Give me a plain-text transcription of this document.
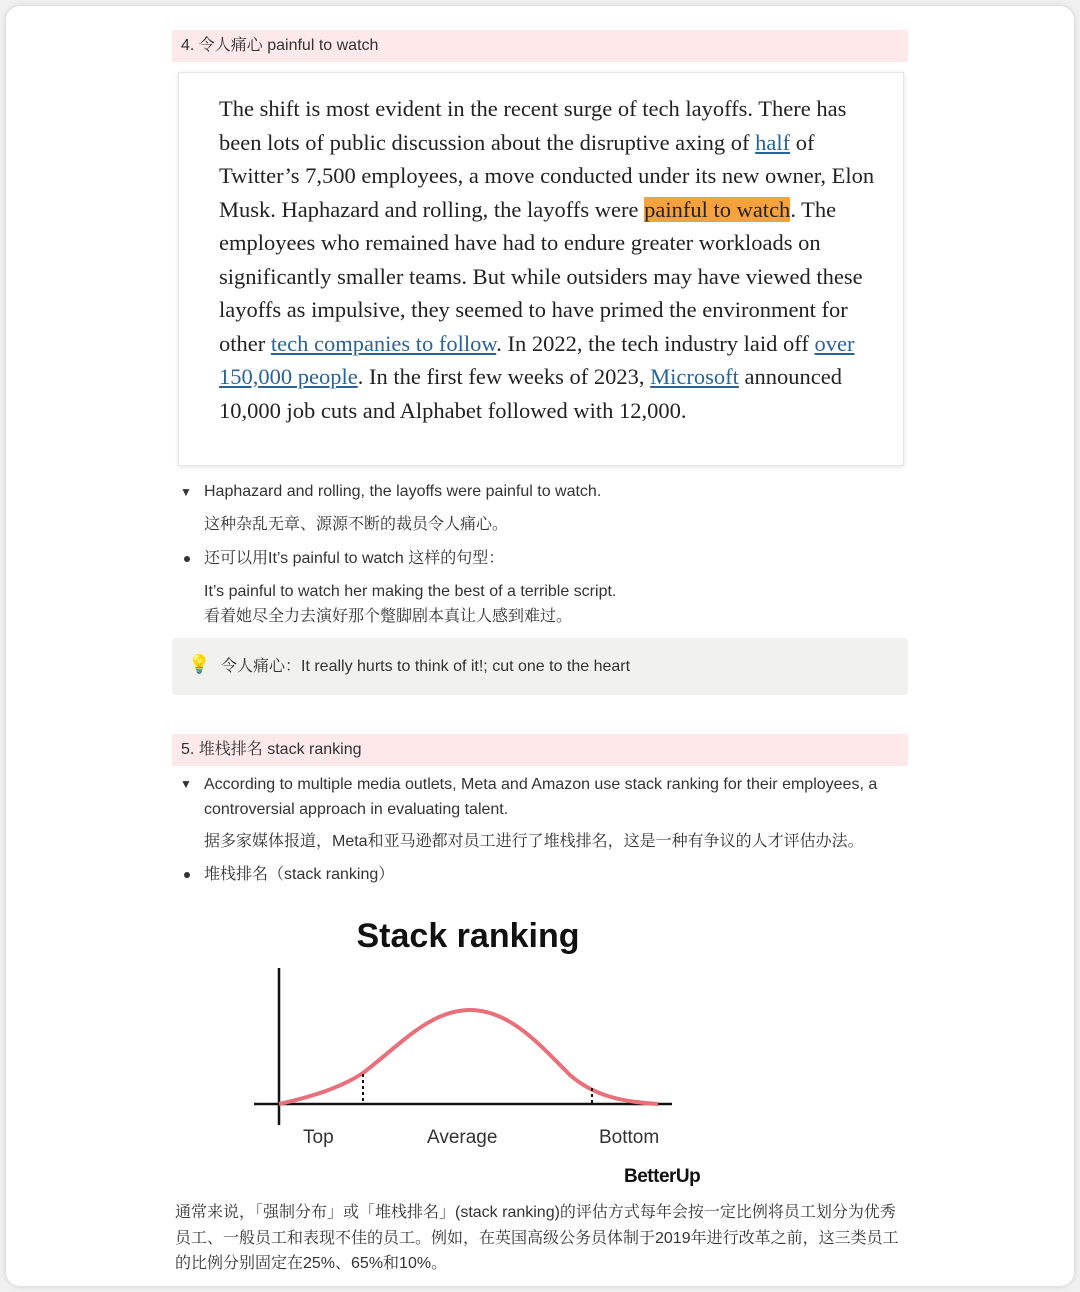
4. 令人痛心 painful to watch
The shift is most evident in the recent surge of tech layoffs. There has been lots of public discussion about the disruptive axing of half of Twitter’s 7,500 employees, a move conducted under its new owner, Elon Musk. Haphazard and rolling, the layoffs were painful to watch. The employees who remained have had to endure greater workloads on significantly smaller teams. But while outsiders may have viewed these layoffs as impulsive, they seemed to have primed the environment for other tech companies to follow. In 2022, the tech industry laid off over 150,000 people. In the first few weeks of 2023, Microsoft announced 10,000 job cuts and Alphabet followed with 12,000.
▼ Haphazard and rolling, the layoffs were painful to watch.
这种杂乱无章、源源不断的裁员令人痛心。
还可以用It’s painful to watch 这样的句型：
It’s painful to watch her making the best of a terrible script.
看着她尽全力去演好那个蹩脚剧本真让人感到难过。
💡 令人痛心：It really hurts to think of it!; cut one to the heart
5. 堆栈排名 stack ranking
▼ According to multiple media outlets, Meta and Amazon use stack ranking for their employees, a controversial approach in evaluating talent.
据多家媒体报道，Meta和亚马逊都对员工进行了堆栈排名，这是一种有争议的人才评估办法。
堆栈排名（stack ranking）
Stack ranking
Top	Average	Bottom
BetterUp
通常来说，「强制分布」或「堆栈排名」(stack ranking)的评估方式每年会按一定比例将员工划分为优秀员工、一般员工和表现不佳的员工。例如，在英国高级公务员体制于2019年进行改革之前，这三类员工的比例分别固定在25%、65%和10%。
